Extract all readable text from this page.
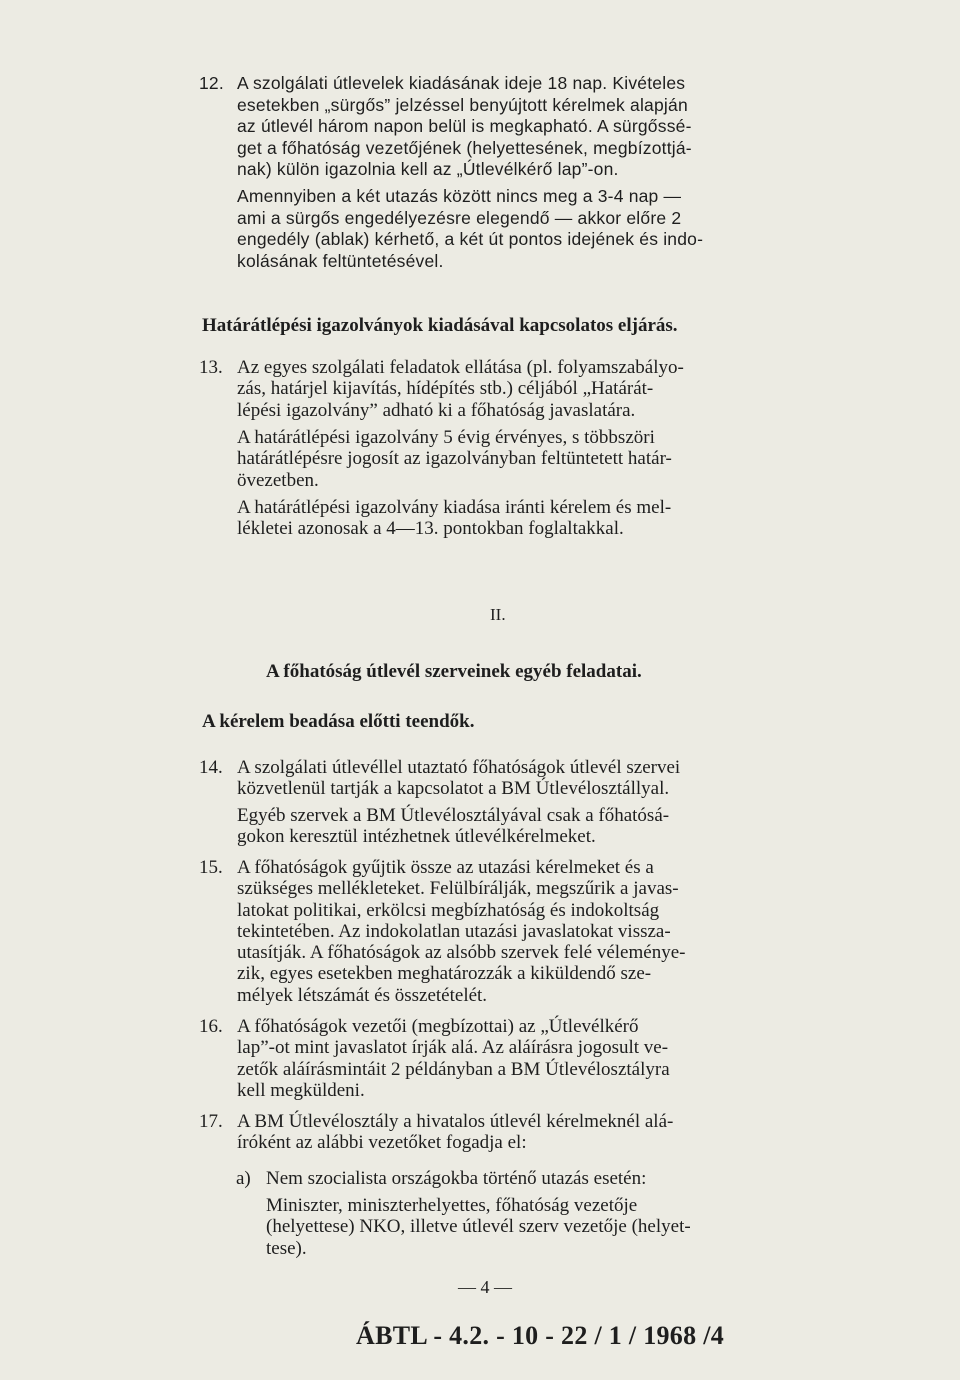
12. A szolgálati útlevelek kiadásának ideje 18 nap. Kivételes
esetekben „sürgős” jelzéssel benyújtott kérelmek alapján
az útlevél három napon belül is megkapható. A sürgőssé-
get a főhatóság vezetőjének (helyettesének, megbízottjá-
nak) külön igazolnia kell az „Útlevélkérő lap”-on.
Amennyiben a két utazás között nincs meg a 3-4 nap —
ami a sürgős engedélyezésre elegendő — akkor előre 2
engedély (ablak) kérhető, a két út pontos idejének és indo-
kolásának feltüntetésével.
Határátlépési igazolványok kiadásával kapcsolatos eljárás.
13. Az egyes szolgálati feladatok ellátása (pl. folyamszabályo-
zás, határjel kijavítás, hídépítés stb.) céljából „Határát-
lépési igazolvány” adható ki a főhatóság javaslatára.
A határátlépési igazolvány 5 évig érvényes, s többszöri
határátlépésre jogosít az igazolványban feltüntetett határ-
övezetben.
A határátlépési igazolvány kiadása iránti kérelem és mel-
lékletei azonosak a 4—13. pontokban foglaltakkal.
II.
A főhatóság útlevél szerveinek egyéb feladatai.
A kérelem beadása előtti teendők.
14. A szolgálati útlevéllel utaztató főhatóságok útlevél szervei
közvetlenül tartják a kapcsolatot a BM Útlevélosztállyal.
Egyéb szervek a BM Útlevélosztályával csak a főhatósá-
gokon keresztül intézhetnek útlevélkérelmeket.
15. A főhatóságok gyűjtik össze az utazási kérelmeket és a
szükséges mellékleteket. Felülbírálják, megszűrik a javas-
latokat politikai, erkölcsi megbízhatóság és indokoltság
tekintetében. Az indokolatlan utazási javaslatokat vissza-
utasítják. A főhatóságok az alsóbb szervek felé véleménye-
zik, egyes esetekben meghatározzák a kiküldendő sze-
mélyek létszámát és összetételét.
16. A főhatóságok vezetői (megbízottai) az „Útlevélkérő
lap”-ot mint javaslatot írják alá. Az aláírásra jogosult ve-
zetők aláírásmintáit 2 példányban a BM Útlevélosztályra
kell megküldeni.
17. A BM Útlevélosztály a hivatalos útlevél kérelmeknél alá-
íróként az alábbi vezetőket fogadja el:
a) Nem szocialista országokba történő utazás esetén:
Miniszter, miniszterhelyettes, főhatóság vezetője
(helyettese) NKO, illetve útlevél szerv vezetője (helyet-
tese).
— 4 —
ÁBTL - 4.2. - 10 - 22 / 1 / 1968 /4
